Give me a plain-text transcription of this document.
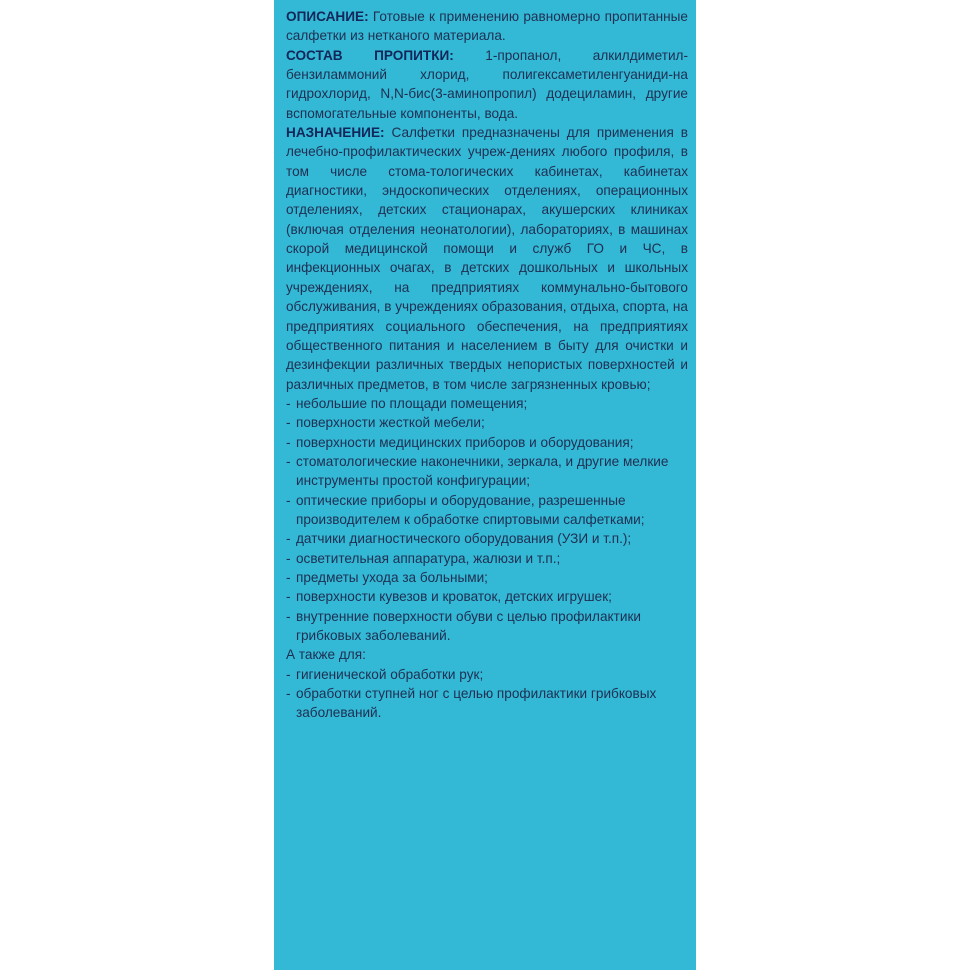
ОПИСАНИЕ: Готовые к применению равномерно пропитанные салфетки из нетканого материала.

СОСТАВ ПРОПИТКИ: 1-пропанол, алкилдиметил-бензиламмоний хлорид, полигексаметиленгуаниди-на гидрохлорид, N,N-бис(3-аминопропил) додециламин, другие вспомогательные компоненты, вода.

НАЗНАЧЕНИЕ: Салфетки предназначены для применения в лечебно-профилактических учреж-дениях любого профиля, в том числе стома-тологических кабинетах, кабинетах диагностики, эндоскопических отделениях, операционных отделениях, детских стационарах, акушерских клиниках (включая отделения неонатологии), лабораториях, в машинах скорой медицинской помощи и служб ГО и ЧС, в инфекционных очагах, в детских дошкольных и школьных учреждениях, на предприятиях коммунально-бытового обслуживания, в учреждениях образования, отдыха, спорта, на предприятиях социального обеспечения, на предприятиях общественного питания и населением в быту для очистки и дезинфекции различных твердых непористых поверхностей и различных предметов, в том числе загрязненных кровью;

- небольшие по площади помещения;
- поверхности жесткой мебели;
- поверхности медицинских приборов и оборудования;
- стоматологические наконечники, зеркала, и другие мелкие инструменты простой конфигурации;
- оптические приборы и оборудование, разрешенные производителем к обработке спиртовыми салфетками;
- датчики диагностического оборудования (УЗИ и т.п.);
- осветительная аппаратура, жалюзи и т.п.;
- предметы ухода за больными;
- поверхности кувезов и кроваток, детских игрушек;
- внутренние поверхности обуви с целью профилактики грибковых заболеваний.

А также для:

- гигиенической обработки рук;
- обработки ступней ног с целью профилактики грибковых заболеваний.
